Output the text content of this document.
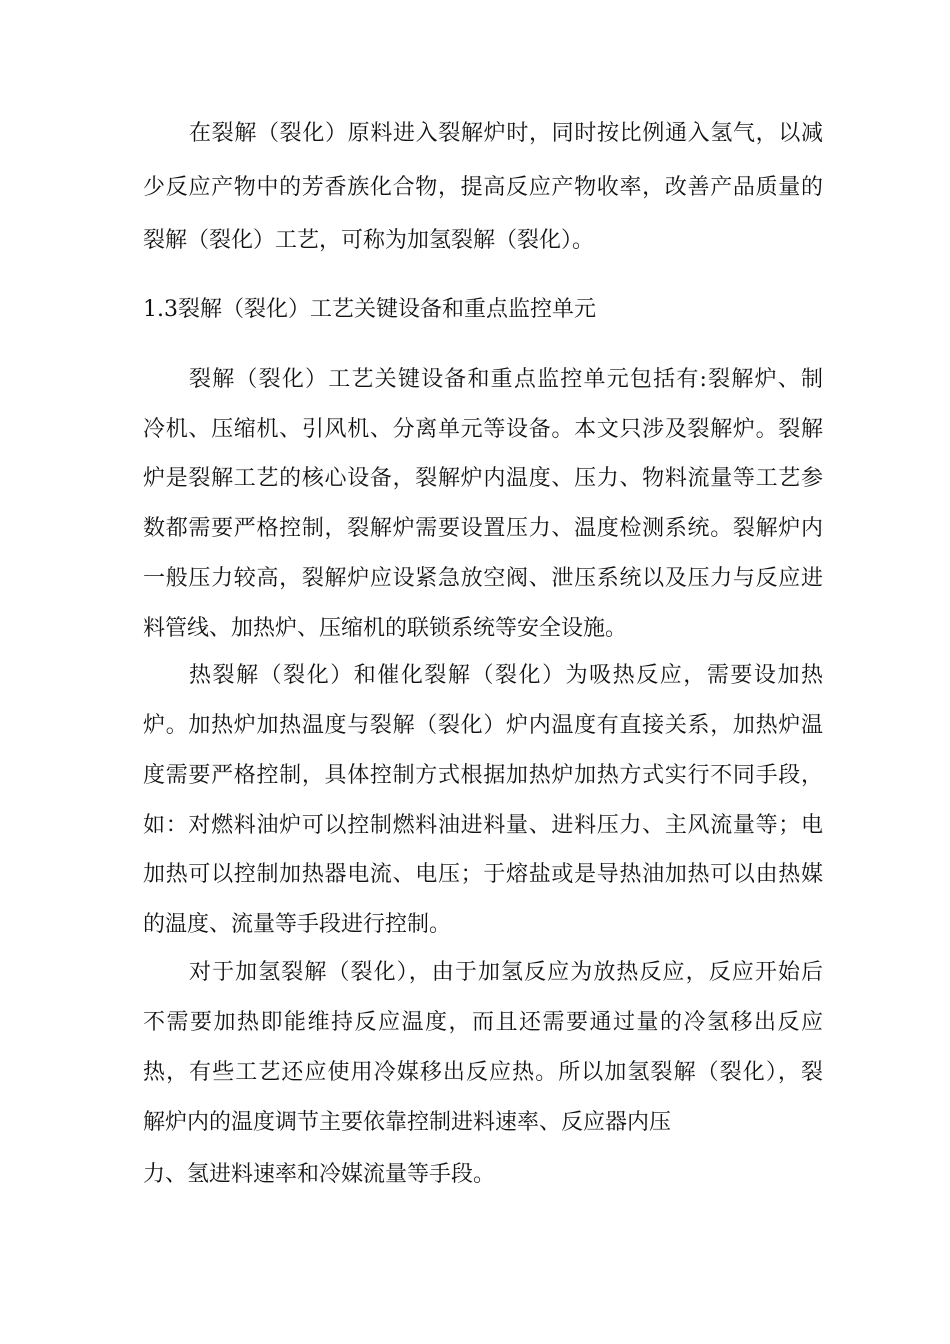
在裂解（裂化）原料进入裂解炉时，同时按比例通入氢气，以减
少反应产物中的芳香族化合物，提高反应产物收率，改善产品质量的
裂解（裂化）工艺，可称为加氢裂解（裂化）。
1.3裂解（裂化）工艺关键设备和重点监控单元
裂解（裂化）工艺关键设备和重点监控单元包括有:裂解炉、制
冷机、压缩机、引风机、分离单元等设备。本文只涉及裂解炉。裂解
炉是裂解工艺的核心设备，裂解炉内温度、压力、物料流量等工艺参
数都需要严格控制，裂解炉需要设置压力、温度检测系统。裂解炉内
一般压力较高，裂解炉应设紧急放空阀、泄压系统以及压力与反应进
料管线、加热炉、压缩机的联锁系统等安全设施。
热裂解（裂化）和催化裂解（裂化）为吸热反应，需要设加热
炉。加热炉加热温度与裂解（裂化）炉内温度有直接关系，加热炉温
度需要严格控制，具体控制方式根据加热炉加热方式实行不同手段，
如：对燃料油炉可以控制燃料油进料量、进料压力、主风流量等；电
加热可以控制加热器电流、电压；于熔盐或是导热油加热可以由热媒
的温度、流量等手段进行控制。
对于加氢裂解（裂化），由于加氢反应为放热反应，反应开始后
不需要加热即能维持反应温度，而且还需要通过量的冷氢移出反应
热，有些工艺还应使用冷媒移出反应热。所以加氢裂解（裂化），裂
解炉内的温度调节主要依靠控制进料速率、反应器内压
力、氢进料速率和冷媒流量等手段。
